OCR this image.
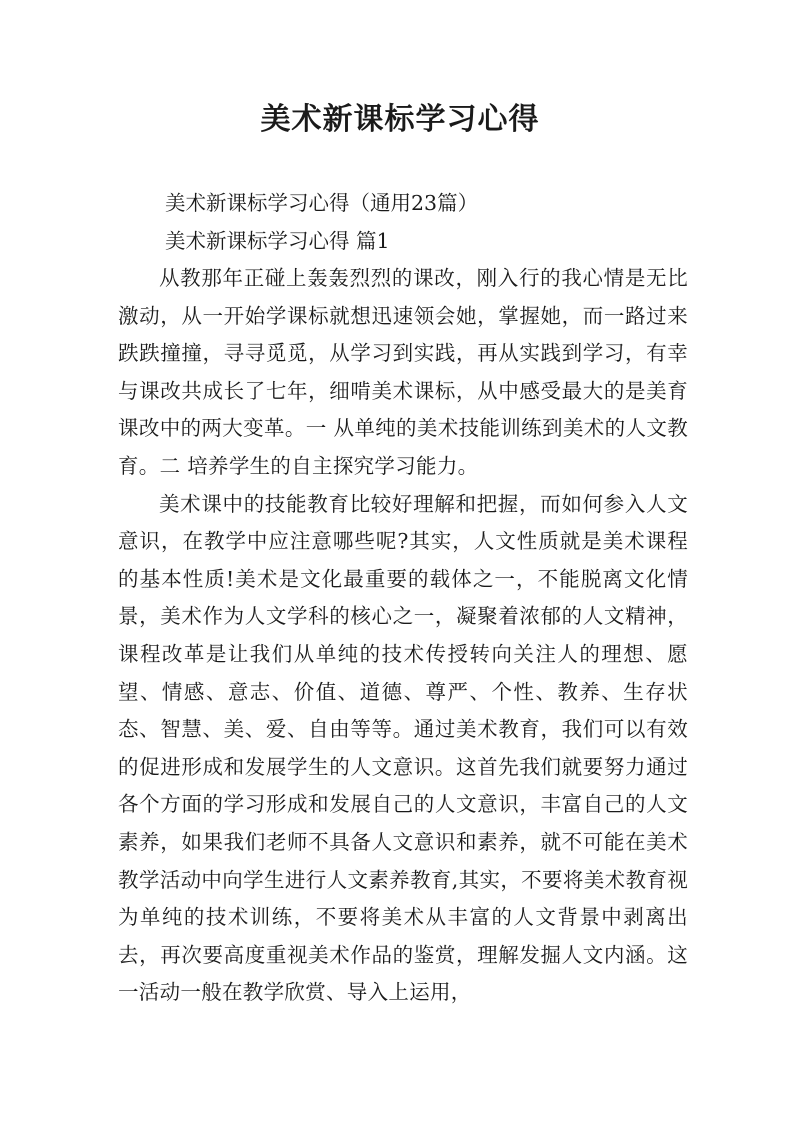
美术新课标学习心得

美术新课标学习心得（通用23篇）

美术新课标学习心得 篇1

从教那年正碰上轰轰烈烈的课改，刚入行的我心情是无比激动，从一开始学课标就想迅速领会她，掌握她，而一路过来跌跌撞撞，寻寻觅觅，从学习到实践，再从实践到学习，有幸与课改共成长了七年，细啃美术课标，从中感受最大的是美育课改中的两大变革。一 从单纯的美术技能训练到美术的人文教育。二 培养学生的自主探究学习能力。

美术课中的技能教育比较好理解和把握，而如何参入人文意识，在教学中应注意哪些呢?其实，人文性质就是美术课程的基本性质!美术是文化最重要的载体之一，不能脱离文化情景，美术作为人文学科的核心之一，凝聚着浓郁的人文精神，课程改革是让我们从单纯的技术传授转向关注人的理想、愿望、情感、意志、价值、道德、尊严、个性、教养、生存状态、智慧、美、爱、自由等等。通过美术教育，我们可以有效的促进形成和发展学生的人文意识。这首先我们就要努力通过各个方面的学习形成和发展自己的人文意识，丰富自己的人文素养，如果我们老师不具备人文意识和素养，就不可能在美术教学活动中向学生进行人文素养教育,其实，不要将美术教育视为单纯的技术训练，不要将美术从丰富的人文背景中剥离出去，再次要高度重视美术作品的鉴赏，理解发掘人文内涵。这一活动一般在教学欣赏、导入上运用，
